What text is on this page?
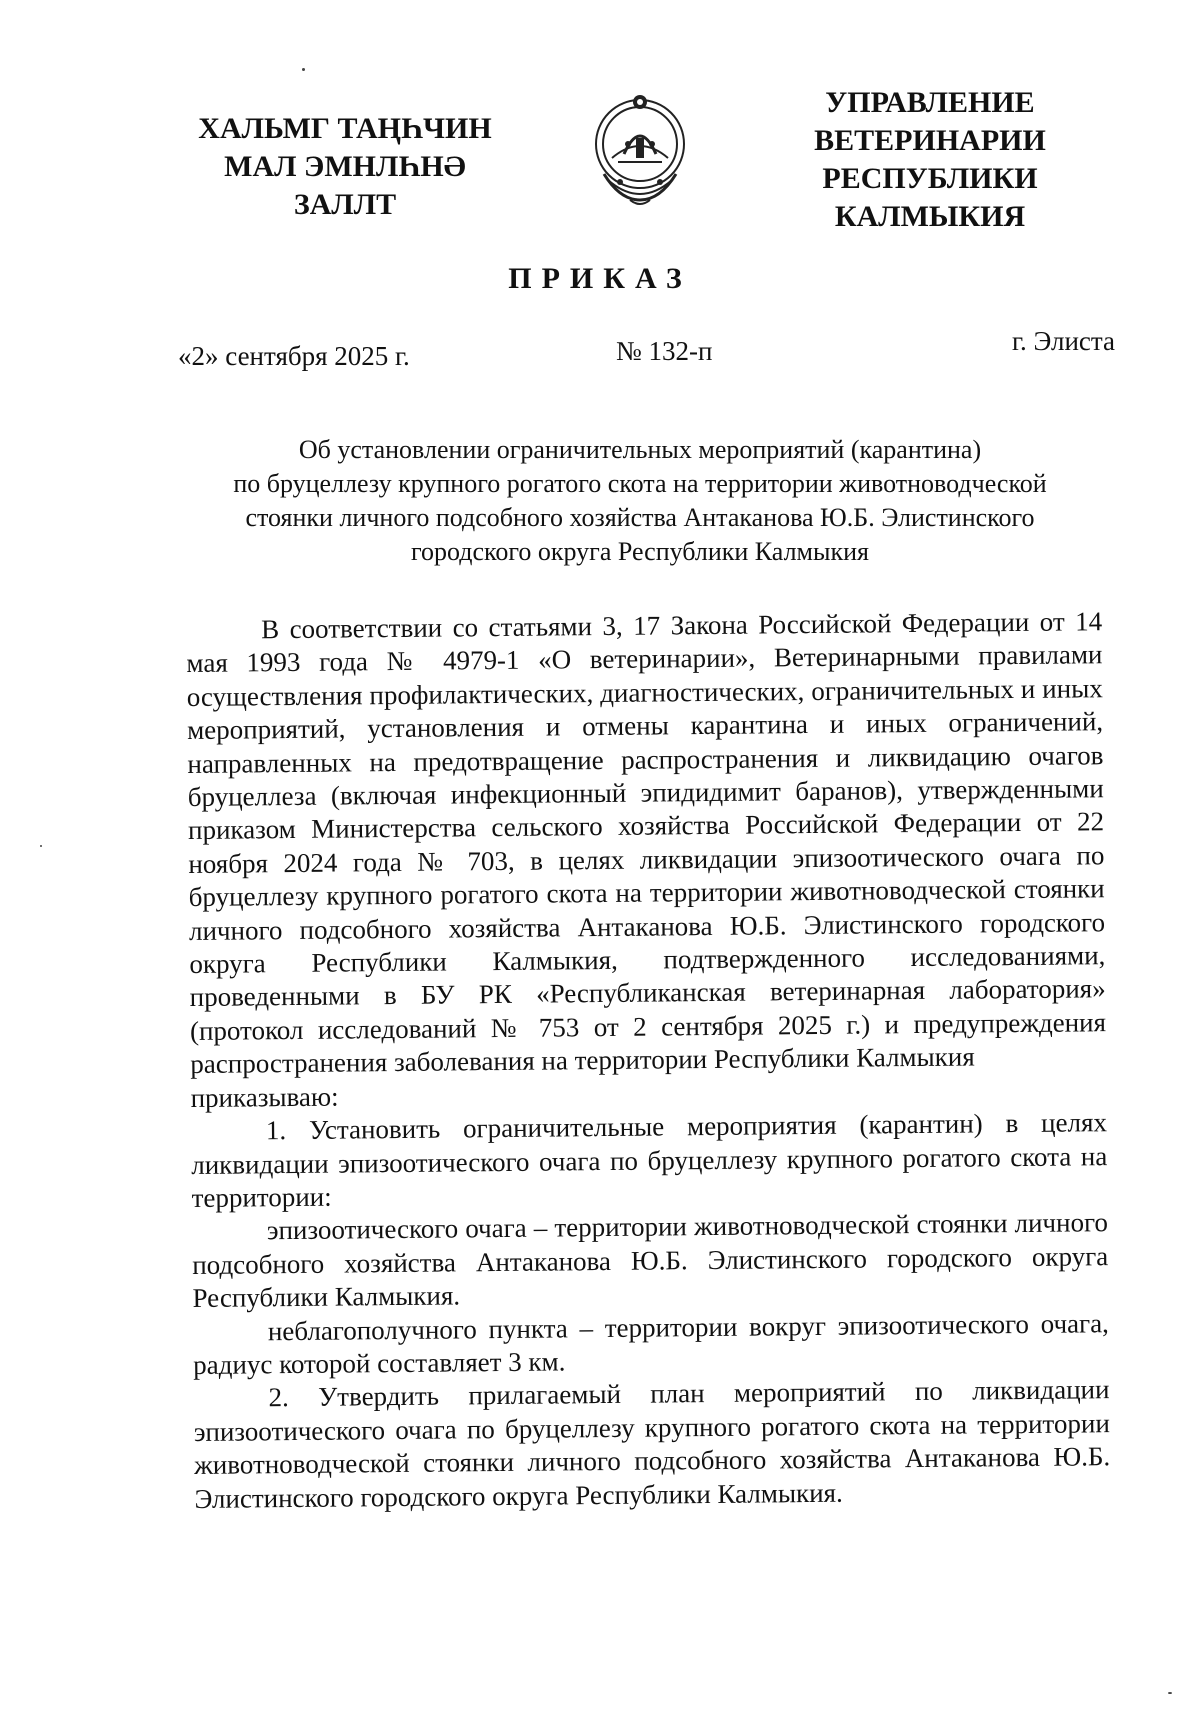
ХАЛЬМГ ТАҢҺЧИН
МАЛ ЭМНЛҺНӘ
ЗАЛЛТ
УПРАВЛЕНИЕ
ВЕТЕРИНАРИИ
РЕСПУБЛИКИ
КАЛМЫКИЯ
ПРИКАЗ
«2» сентября 2025 г.	№ 132-п	г. Элиста
Об установлении ограничительных мероприятий (карантина)
по бруцеллезу крупного рогатого скота на территории животноводческой
стоянки личного подсобного хозяйства Антаканова Ю.Б. Элистинского
городского округа Республики Калмыкия

В соответствии со статьями 3, 17 Закона Российской Федерации от 14 мая 1993 года № 4979-1 «О ветеринарии», Ветеринарными правилами осуществления профилактических, диагностических, ограничительных и иных мероприятий, установления и отмены карантина и иных ограничений, направленных на предотвращение распространения и ликвидацию очагов бруцеллеза (включая инфекционный эпидидимит баранов), утвержденными приказом Министерства сельского хозяйства Российской Федерации от 22 ноября 2024 года № 703, в целях ликвидации эпизоотического очага по бруцеллезу крупного рогатого скота на территории животноводческой стоянки личного подсобного хозяйства Антаканова Ю.Б. Элистинского городского округа Республики Калмыкия, подтвержденного исследованиями, проведенными в БУ РК «Республиканская ветеринарная лаборатория» (протокол исследований № 753 от 2 сентября 2025 г.) и предупреждения распространения заболевания на территории Республики Калмыкия

приказываю:

1. Установить ограничительные мероприятия (карантин) в целях ликвидации эпизоотического очага по бруцеллезу крупного рогатого скота на территории:

эпизоотического очага – территории животноводческой стоянки личного подсобного хозяйства Антаканова Ю.Б. Элистинского городского округа Республики Калмыкия.

неблагополучного пункта – территории вокруг эпизоотического очага, радиус которой составляет 3 км.

2. Утвердить прилагаемый план мероприятий по ликвидации эпизоотического очага по бруцеллезу крупного рогатого скота на территории животноводческой стоянки личного подсобного хозяйства Антаканова Ю.Б. Элистинского городского округа Республики Калмыкия.
